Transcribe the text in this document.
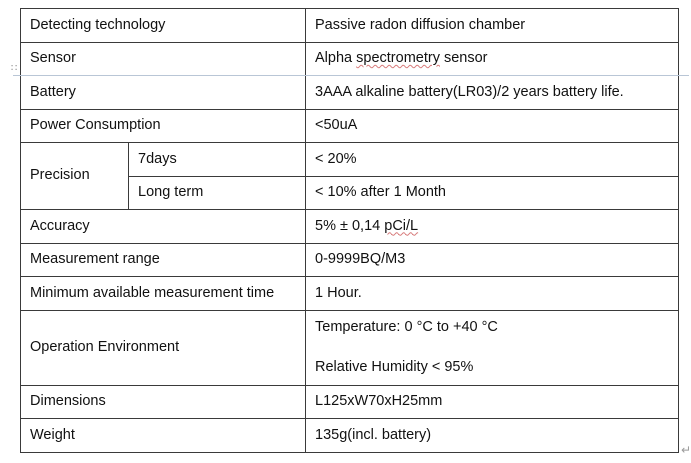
Detecting technology		Passive radon diffusion chamber
Sensor		Alpha spectrometry sensor
Battery		3AAA alkaline battery(LR03)/2 years battery life.
Power Consumption		<50uA
Precision	7days	< 20%
	Long term	< 10% after 1 Month
Accuracy		5% ± 0,14 pCi/L
Measurement range		0-9999BQ/M3
Minimum available measurement time		1 Hour.
Operation Environment		Temperature: 0 °C to +40 °C
Relative Humidity < 95%

Dimensions		L125xW70xH25mm
Weight		135g(incl. battery)
∷
↵
